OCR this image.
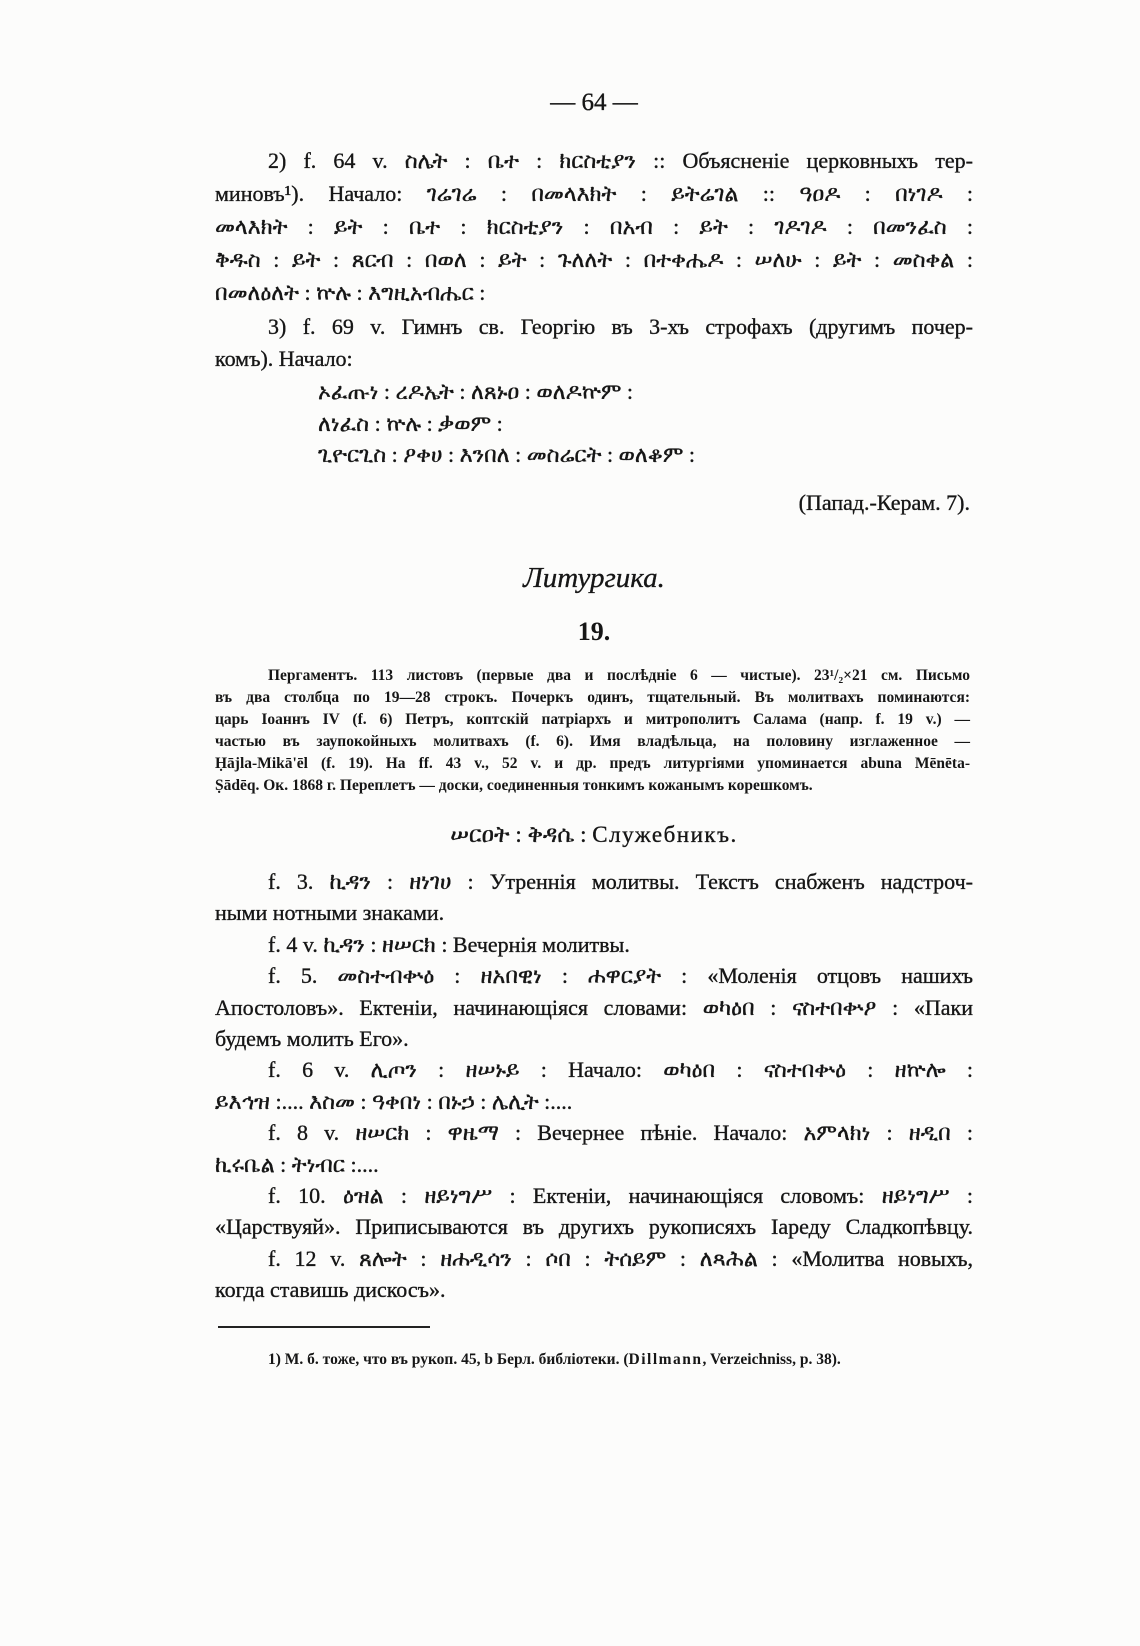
— 64 —
2) f. 64 v. ስሌት : ቤተ : ክርስቲያን :: Объясненіе церковныхъ тер-
миновъ¹). Начало: ገሬገሬ : በመላእክት : ይትሬገል :: ዓዐዶ : በነገዶ :
መላእክት : ይት : ቤተ : ክርስቲያን : በአብ : ይት : ገዶገዶ : በመንፈስ :
ቅዱስ : ይት : ጸርብ : በወለ : ይት : ጉለለት : በተቀሔዶ : ሠለሁ : ይት : መስቀል :
በመለዕለት : ኵሉ : እግዚአብሔር :
3) f. 69 v. Гимнъ св. Георгію въ 3-хъ строфахъ (другимъ почер-
комъ). Начало:
ኦፈጡነ : ረዶኤት : ለጸኑዐ : ወለዶኵም :
ለነፈስ : ኵሉ : ቃወም :
ጊዮርጊስ : ዖቀሀ : እንበለ : መስሬርት : ወለቆም :
(Папад.-Керам. 7).
Литургика.
19.
Пергаментъ. 113 листовъ (первые два и послѣдніе 6 — чистые). 23¹/₂×21 см. Письмо
въ два столбца по 19—28 строкъ. Почеркъ одинъ, тщательный. Въ молитвахъ поминаются:
царь Іоаннъ IV (f. 6) Петръ, коптскій патріархъ и митрополитъ Салама (напр. f. 19 v.) —
частью въ заупокойныхъ молитвахъ (f. 6). Имя владѣльца, на половину изглаженное —
Ḥājla-Mikā'ēl (f. 19). На ff. 43 v., 52 v. и др. предъ литургіями упоминается abuna Mēnēta-
Ṣādēq. Ок. 1868 г. Переплетъ — доски, соединенныя тонкимъ кожанымъ корешкомъ.
ሠርዐት : ቅዳሴ : Служебникъ.
f. 3. ኪዳን : ዘነገሀ : Утреннія молитвы. Текстъ снабженъ надстроч-
ными нотными знаками.
f. 4 v. ኪዳን : ዘሠርክ : Вечернія молитвы.
f. 5. መስተብቍዕ : ዘአበዊነ : ሐዋርያት : «Моленія отцовъ нашихъ
Апостоловъ». Ектеніи, начинающіяся словами: ወካዕበ : ናስተበቍዖ : «Паки
будемъ молить Его».
f. 6 v. ሊጦን : ዘሠኑይ : Начало: ወካዕበ : ናስተበቍዕ : ዘኵሎ :
ይእኅዝ :.... እስመ : ዓቀበነ : በኑኃ : ሌሊት :....
f. 8 v. ዘሠርክ : ዋዜማ : Вечернее пѣніе. Начало: አምላክነ : ዘዲበ :
ኪሩቤል : ትነብር :....
f. 10. ዕዝል : ዘይነግሥ : Ектеніи, начинающіяся словомъ: ዘይነግሥ :
«Царствуяй». Приписываются въ другихъ рукописяхъ Іареду Сладкопѣвцу.
f. 12 v. ጸሎት : ዘሐዲሳን : ሶበ : ትሰይም : ለጻሕል : «Молитва новыхъ,
когда ставишь дискосъ».
1) М. б. тоже, что въ рукоп. 45, b Берл. библіотеки. (Dillmann, Verzeichniss, p. 38).
